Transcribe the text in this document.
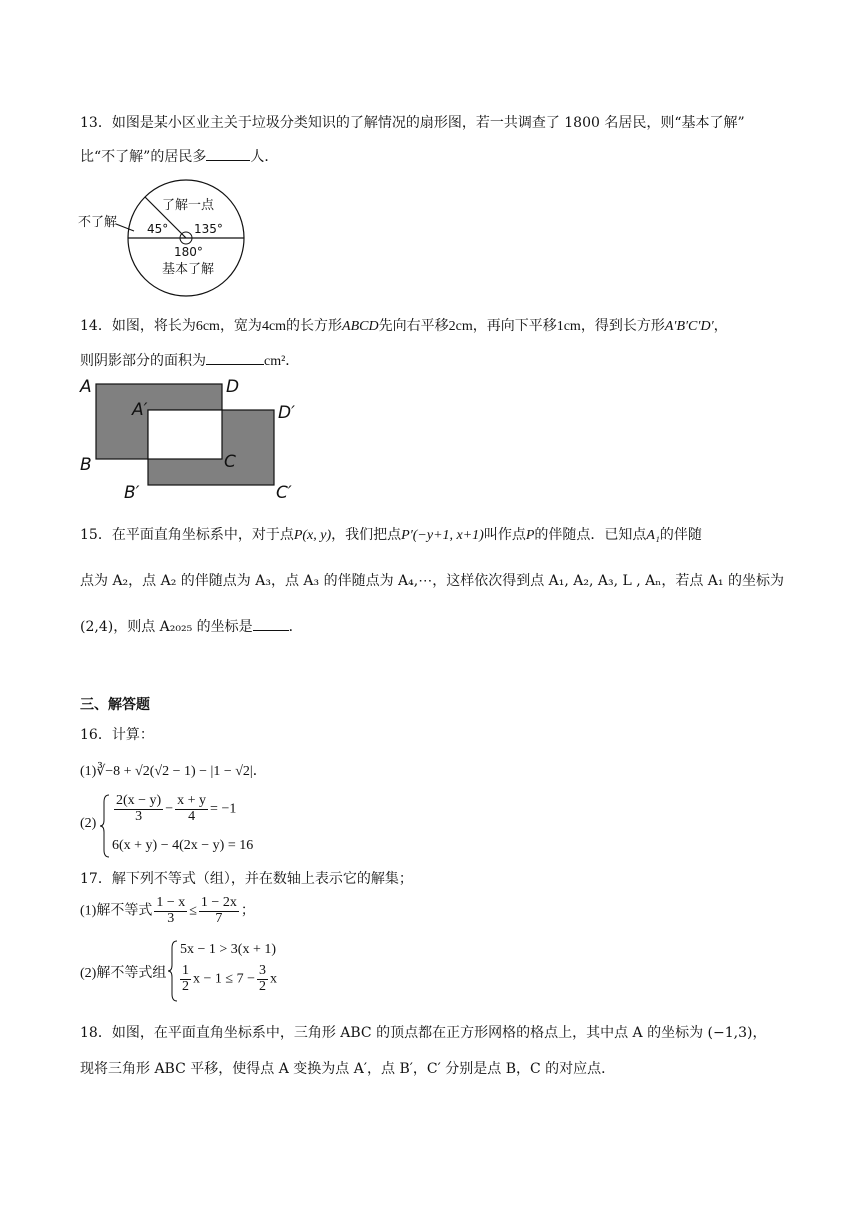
13．如图是某小区业主关于垃圾分类知识的了解情况的扇形图，若一共调查了 1800 名居民，则“基本了解”
比“不了解”的居民多	人．
不了解
了解一点
45° 135°
180°
基本了解
14．如图，将长为6cm，宽为4cm的长方形ABCD先向右平移2cm，再向下平移1cm，得到长方形A′B′C′D′，
则阴影部分的面积为	cm²．
A	D
A′	D′
B	C
B′	C′
15．在平面直角坐标系中，对于点P(x, y)，我们把点P′(−y+1, x+1)叫作点P的伴随点．已知点A₁的伴随
点为 A₂，点 A₂ 的伴随点为 A₃，点 A₃ 的伴随点为 A₄,⋯，这样依次得到点 A₁, A₂, A₃, L , Aₙ，若点 A₁ 的坐标为
(2,4)，则点 A₂₀₂₅ 的坐标是	．
三、解答题
16．计算：
(1)∛−8 + √2(√2 − 1) − |1 − √2|．
$(2) \frac{2(x - y)}{3} - \frac{x + y}{4} = -1$
6(x + y) − 4(2x − y) = 16
17．解下列不等式（组），并在数轴上表示它的解集；
(1)解不等式 $\frac{1 - x}{3} \le \frac{1 - 2x}{7}$ ；
(2)解不等式组
5x − 1 > 3(x + 1)
$\frac{1}{2}$ $x - 1 \le 7 - \frac{3}{2}$ x
18．如图，在平面直角坐标系中，三角形 ABC 的顶点都在正方形网格的格点上，其中点 A 的坐标为 (−1,3)，
现将三角形 ABC 平移，使得点 A 变换为点 A′，点 B′，C′ 分别是点 B，C 的对应点．
